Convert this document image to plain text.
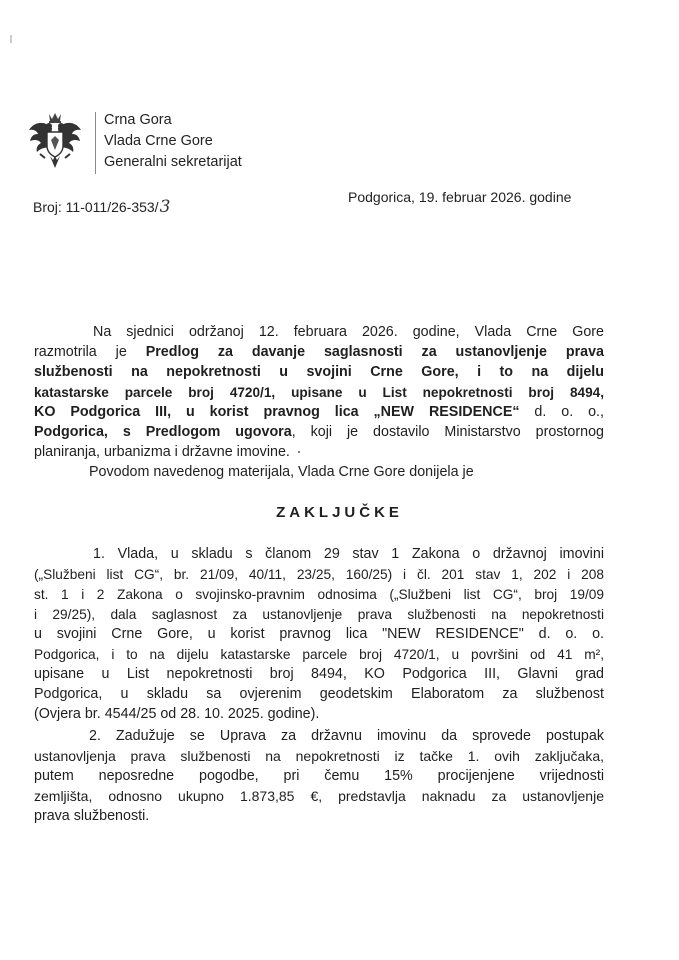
Crna Gora
Vlada Crne Gore
Generalni sekretarijat
Broj: 11-011/26-353/3	Podgorica, 19. februar 2026. godine
Na sjednici održanoj 12. februara 2026. godine, Vlada Crne Gore
razmotrila je Predlog za davanje saglasnosti za ustanovljenje prava
službenosti na nepokretnosti u svojini Crne Gore, i to na dijelu
katastarske parcele broj 4720/1, upisane u List nepokretnosti broj 8494,
KO Podgorica III, u korist pravnog lica „NEW RESIDENCE“ d. o. o.,
Podgorica, s Predlogom ugovora, koji je dostavilo Ministarstvo prostornog
planiranja, urbanizma i državne imovine.
Povodom navedenog materijala, Vlada Crne Gore donijela je
ZAKLJUČKE
1. Vlada, u skladu s članom 29 stav 1 Zakona o državnoj imovini
(„Službeni list CG“, br. 21/09, 40/11, 23/25, 160/25) i čl. 201 stav 1, 202 i 208
st. 1 i 2 Zakona o svojinsko-pravnim odnosima („Službeni list CG“, broj 19/09
i 29/25), dala saglasnost za ustanovljenje prava službenosti na nepokretnosti
u svojini Crne Gore, u korist pravnog lica "NEW RESIDENCE" d. o. o.
Podgorica, i to na dijelu katastarske parcele broj 4720/1, u površini od 41 m²,
upisane u List nepokretnosti broj 8494, KO Podgorica III, Glavni grad
Podgorica, u skladu sa ovjerenim geodetskim Elaboratom za službenost
(Ovjera br. 4544/25 od 28. 10. 2025. godine).
2. Zadužuje se Uprava za državnu imovinu da sprovede postupak
ustanovljenja prava službenosti na nepokretnosti iz tačke 1. ovih zaključaka,
putem neposredne pogodbe, pri čemu 15% procijenjene vrijednosti
zemljišta, odnosno ukupno 1.873,85 €, predstavlja naknadu za ustanovljenje
prava službenosti.
